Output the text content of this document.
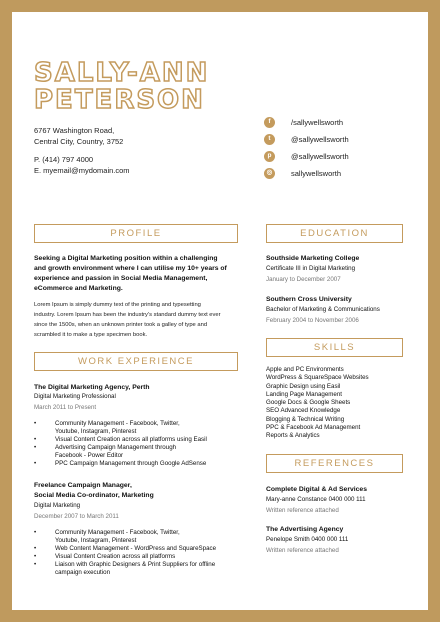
SALLY-ANN
PETERSON
6767 Washington Road,
Central City, Country, 3752
P. (414) 797 4000
E. myemail@mydomain.com
f	/sallywellsworth
t	@sallywellsworth
p	@sallywellsworth
◎	sallywellsworth
PROFILE
WORK EXPERIENCE
EDUCATION
SKILLS
REFERENCES
Seeking a Digital Marketing position within a challenging
and growth environment where I can utilise my 10+ years of
experience and passion in Social Media Management,
eCommerce and Marketing.
Lorem Ipsum is simply dummy text of the printing and typesetting
industry. Lorem Ipsum has been the industry's standard dummy text ever
since the 1500s, when an unknown printer took a galley of type and
scrambled it to make a type specimen book.
The Digital Marketing Agency, Perth
Digital Marketing Professional
March 2011 to Present
•	Community Management - Facebook, Twitter,
Youtube, Instagram, Pinterest
•	Visual Content Creation across all platforms using Easil
•	Advertising Campaign Management through
Facebook - Power Editor
•	PPC Campaign Management through Google AdSense
Freelance Campaign Manager,
Social Media Co-ordinator, Marketing
Digital Marketing
December 2007 to March 2011
•	Community Management - Facebook, Twitter,
Youtube, Instagram, Pinterest
•	Web Content Management - WordPress and SquareSpace
•	Visual Content Creation across all platforms
•	Liaison with Graphic Designers & Print Suppliers for offline
campaign execution
Southside Marketing College
Certificate III in Digital Marketing
January to December 2007
Southern Cross University
Bachelor of Marketing & Communications
February 2004 to November 2006
Apple and PC Environments
WordPress & SquareSpace Websites
Graphic Design using Easil
Landing Page Management
Google Docs & Google Sheets
SEO Advanced Knowledge
Blogging & Technical Writing
PPC & Facebook Ad Management
Reports & Analytics
Complete Digital & Ad Services
Mary-anne Constance 0400 000 111
Written reference attached
The Advertising Agency
Penelope Smith 0400 000 111
Written reference attached
